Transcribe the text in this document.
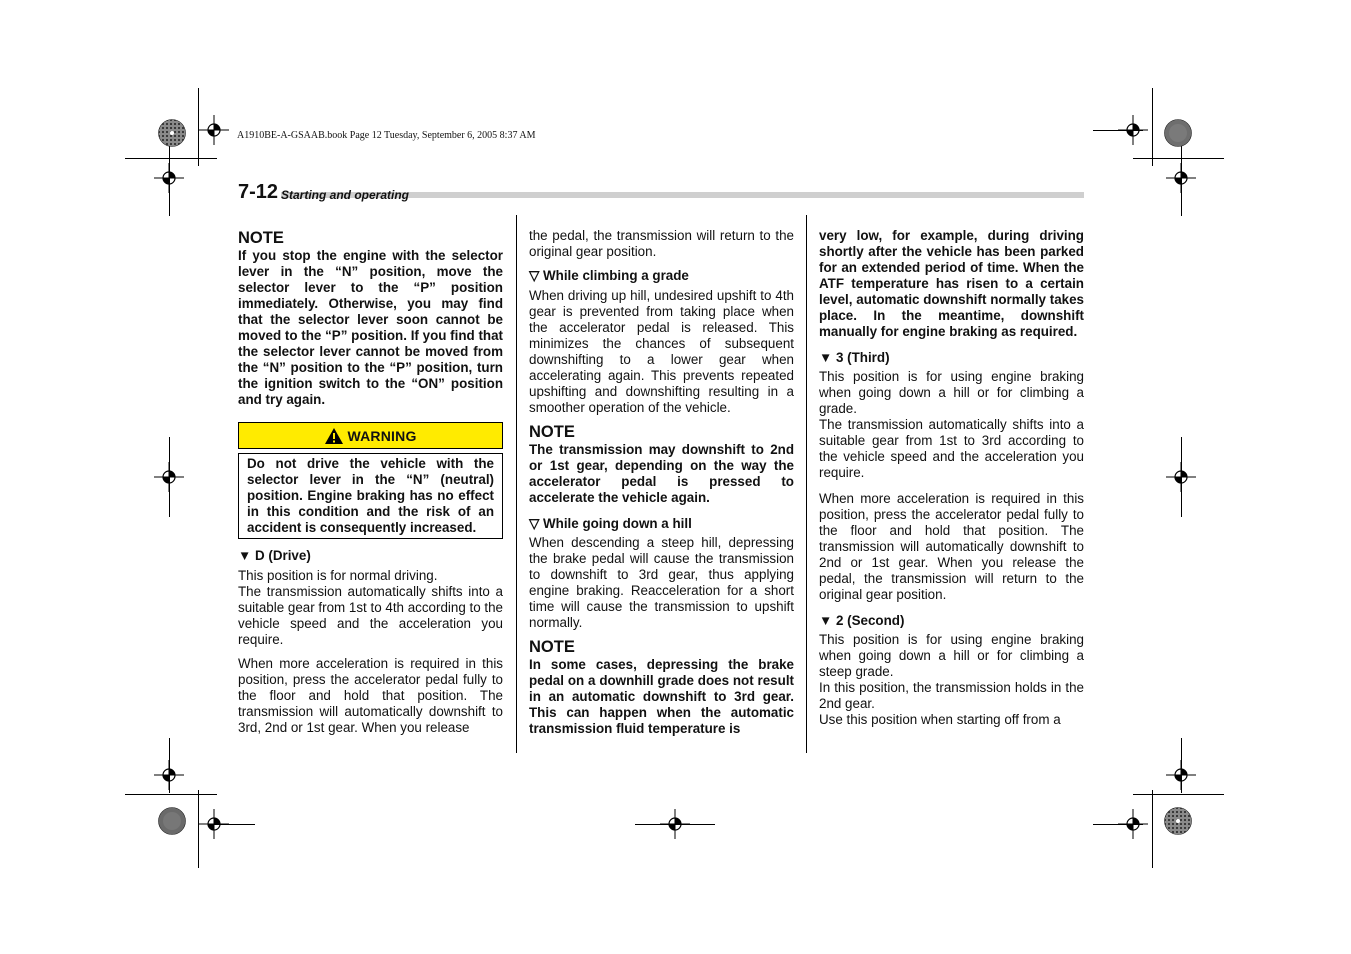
A1910BE-A-GSAAB.book Page 12 Tuesday, September 6, 2005 8:37 AM
7-12 Starting and operating

NOTE

If you stop the engine with the selector lever in the “N” position, move the selector lever to the “P” position immediately. Otherwise, you may find that the selector lever soon cannot be moved to the “P” position. If you find that the selector lever cannot be moved from the “N” position to the “P” position, turn the ignition switch to the “ON” position and try again.

WARNING
Do not drive the vehicle with the selector lever in the “N” (neutral) position. Engine braking has no effect in this condition and the risk of an accident is consequently increased.

▼ D (Drive)

This position is for normal driving.

The transmission automatically shifts into a suitable gear from 1st to 4th according to the vehicle speed and the acceleration you require.

When more acceleration is required in this position, press the accelerator pedal fully to the floor and hold that position. The transmission will automatically downshift to 3rd, 2nd or 1st gear. When you release

the pedal, the transmission will return to the original gear position.

▽ While climbing a grade

When driving up hill, undesired upshift to 4th gear is prevented from taking place when the accelerator pedal is released. This minimizes the chances of subsequent downshifting to a lower gear when accelerating again. This prevents repeated upshifting and downshifting resulting in a smoother operation of the vehicle.

NOTE

The transmission may downshift to 2nd or 1st gear, depending on the way the accelerator pedal is pressed to accelerate the vehicle again.

▽ While going down a hill

When descending a steep hill, depressing the brake pedal will cause the transmission to downshift to 3rd gear, thus applying engine braking. Reacceleration for a short time will cause the transmission to upshift normally.

NOTE

In some cases, depressing the brake pedal on a downhill grade does not result in an automatic downshift to 3rd gear. This can happen when the automatic transmission fluid temperature is

very low, for example, during driving shortly after the vehicle has been parked for an extended period of time. When the ATF temperature has risen to a certain level, automatic downshift normally takes place. In the meantime, downshift manually for engine braking as required.

▼ 3 (Third)

This position is for using engine braking when going down a hill or for climbing a grade.

The transmission automatically shifts into a suitable gear from 1st to 3rd according to the vehicle speed and the acceleration you require.

When more acceleration is required in this position, press the accelerator pedal fully to the floor and hold that position. The transmission will automatically downshift to 2nd or 1st gear. When you release the pedal, the transmission will return to the original gear position.

▼ 2 (Second)

This position is for using engine braking when going down a hill or for climbing a steep grade.

In this position, the transmission holds in the 2nd gear.

Use this position when starting off from a
